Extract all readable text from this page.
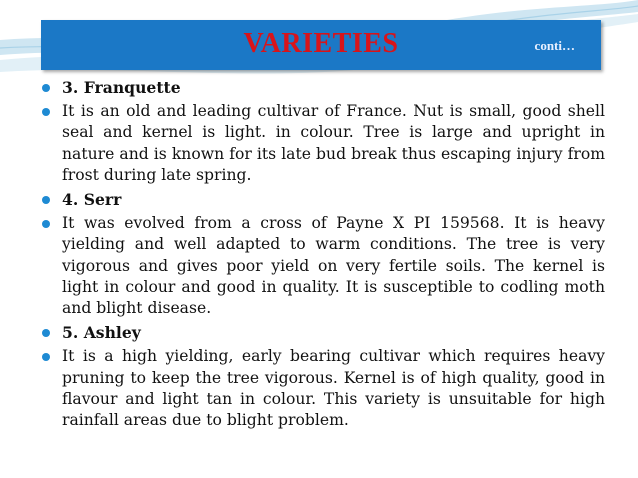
VARIETIES	conti…
3. Franquette
It is an old and leading cultivar of France. Nut is small, good shell seal and kernel is light. in colour. Tree is large and upright in nature and is known for its late bud break thus escaping injury from frost during late spring.
4. Serr
It was evolved from a cross of Payne X PI 159568. It is heavy yielding and well adapted to warm conditions. The tree is very vigorous and gives poor yield on very fertile soils. The kernel is light in colour and good in quality. It is susceptible to codling moth and blight disease.
5. Ashley
It is a high yielding, early bearing cultivar which requires heavy pruning to keep the tree vigorous. Kernel is of high quality, good in flavour and light tan in colour. This variety is unsuitable for high rainfall areas due to blight problem.
